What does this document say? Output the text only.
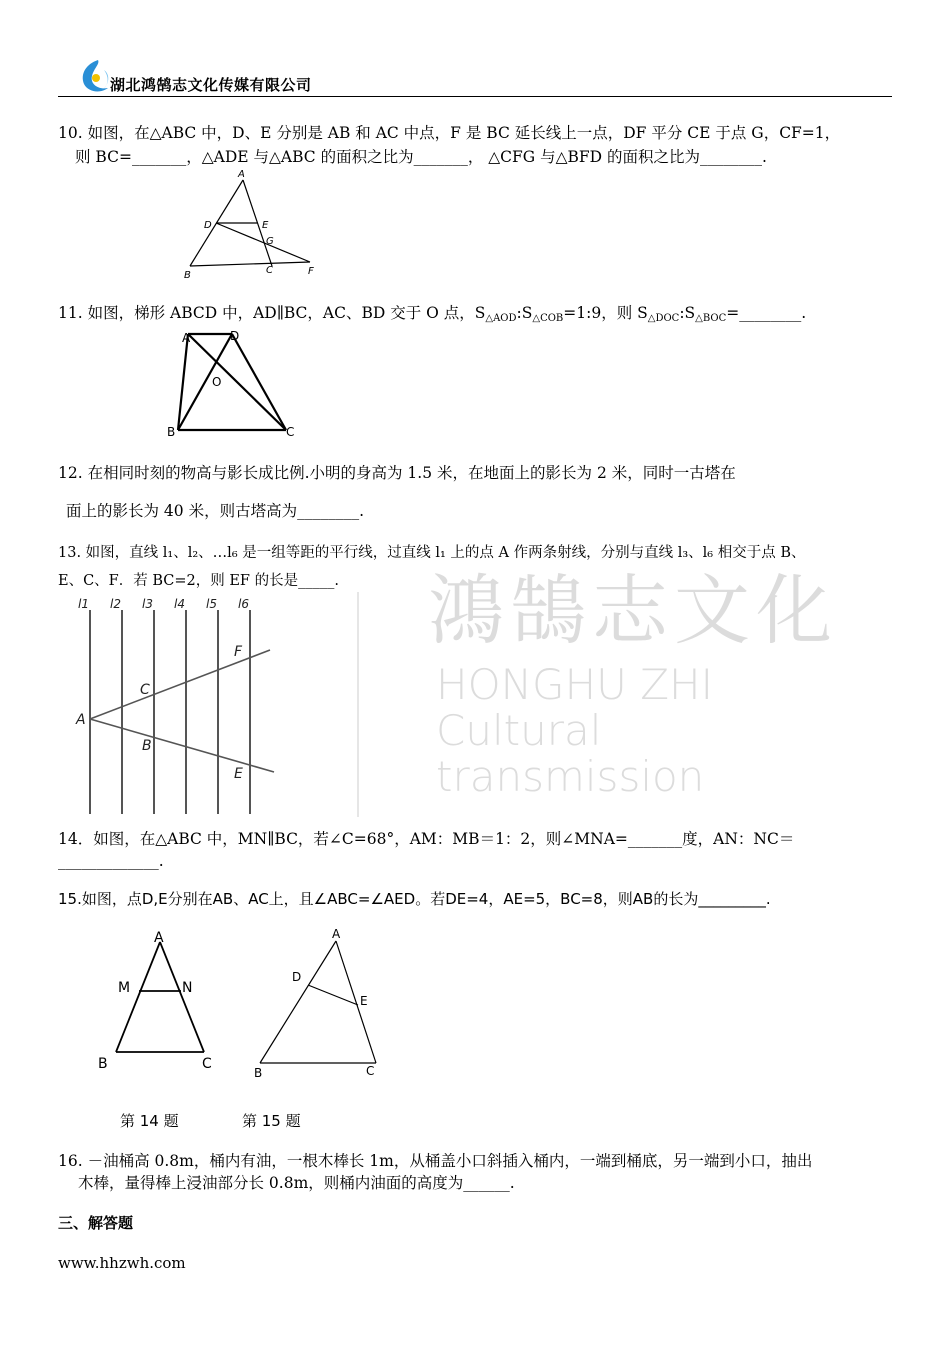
湖北鸿鹄志文化传媒有限公司
鴻鵠志文化
HONGHU ZHI
Cultural
transmission
10. 如图，在△ABC 中，D、E 分别是 AB 和 AC 中点，F 是 BC 延长线上一点，DF 平分 CE 于点 G，CF=1，
则 BC=_______，△ADE 与△ABC 的面积之比为_______， △CFG 与△BFD 的面积之比为________.
A
D	E
G
B	C	F
11. 如图，梯形 ABCD 中，AD∥BC，AC、BD 交于 O 点，$S_{\triangle AOD}:S_{\triangle COB}=1:9$，则 $S_{\triangle DOC}:S_{\triangle BOC}=\_\_\_\_\_\_\_\_$.
A	D
O
B	C
12. 在相同时刻的物高与影长成比例.小明的身高为 1.5 米，在地面上的影长为 2 米，同时一古塔在
面上的影长为 40 米，则古塔高为________.
13. 如图，直线 l₁、l₂、…l₆ 是一组等距的平行线，过直线 l₁ 上的点 A 作两条射线，分别与直线 l₃、l₆ 相交于点 B、
E、C、F．若 BC=2，则 EF 的长是_____.
l1 l2 l3 l4 l5 l6
A
C
B
F
E
14．如图，在△ABC 中，MN∥BC，若∠C=68°，AM：MB＝1：2，则∠MNA=_______度，AN：NC＝
_____________.
15.如图，点D,E分别在AB、AC上，且∠ABC=∠AED。若DE=4，AE=5，BC=8，则AB的长为_________.
A
M	N
B	C
A
D
E
B	C
第 14 题	第 15 题
16. －油桶高 0.8m，桶内有油，一根木棒长 1m，从桶盖小口斜插入桶内，一端到桶底，另一端到小口，抽出
木棒，量得棒上浸油部分长 0.8m，则桶内油面的高度为______.
三、解答题
www.hhzwh.com
